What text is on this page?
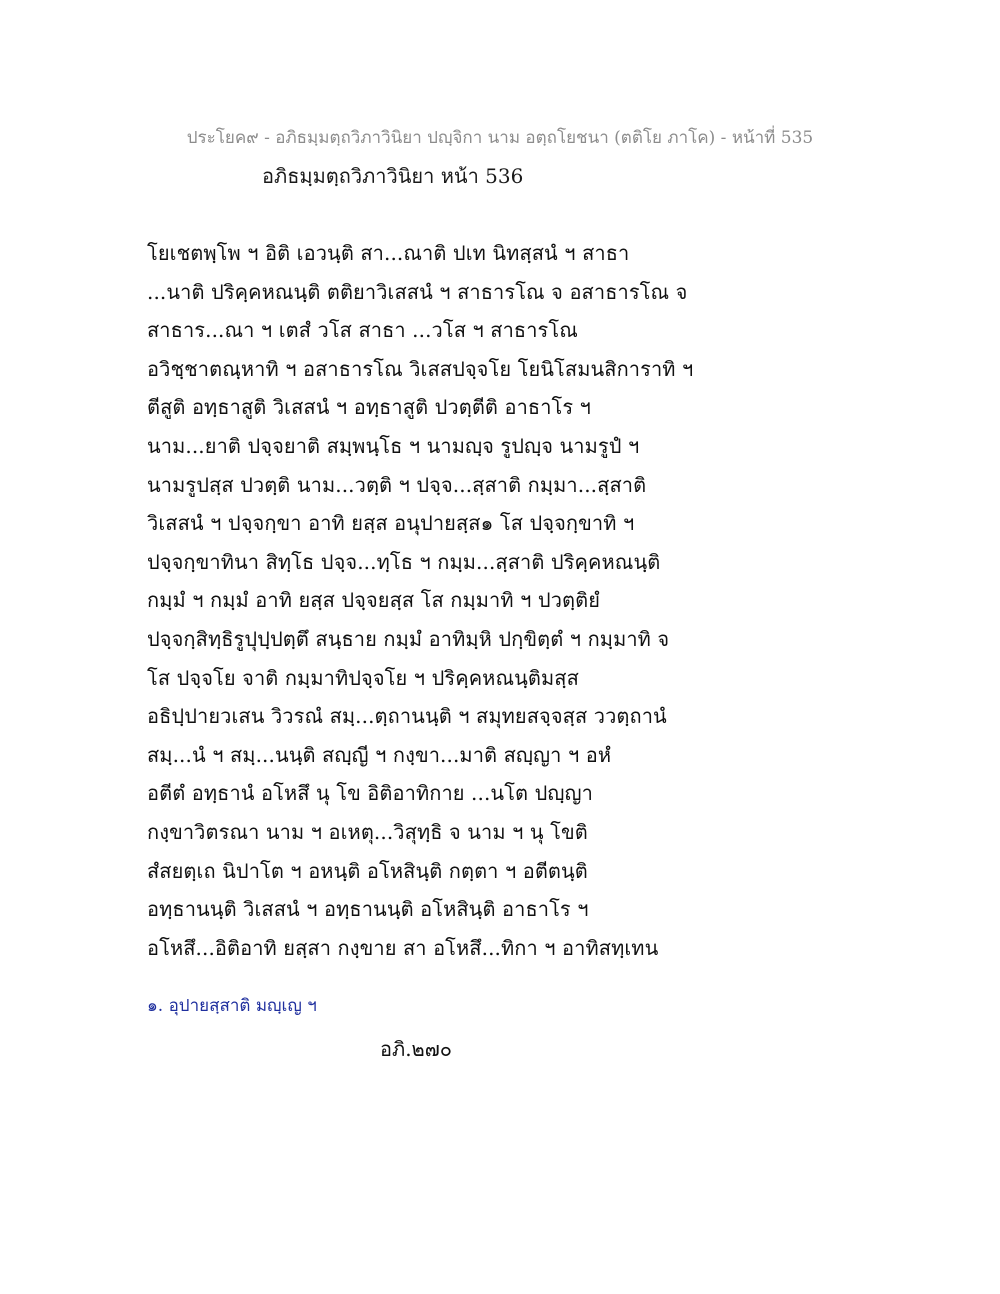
ประโยค๙ - อภิธมฺมตฺถวิภาวินิยา ปญฺจิกา นาม อตฺถโยชนา (ตติโย ภาโค) - หน้าที่ 535
อภิธมฺมตฺถวิภาวินิยา หน้า 536
โยเชตพฺโพ ฯ อิติ เอวนฺติ สา...ณาติ ปเท นิทสฺสนํ ฯ สาธา
...นาติ ปริคฺคหณนฺติ ตติยาวิเสสนํ ฯ สาธารโณ จ อสาธารโณ จ
สาธาร...ณา ฯ เตสํ วโส สาธา ...วโส ฯ สาธารโณ
อวิชฺชาตณฺหาทิ ฯ อสาธารโณ วิเสสปจฺจโย โยนิโสมนสิการาทิ ฯ
ตีสูติ อทฺธาสูติ วิเสสนํ ฯ อทฺธาสูติ ปวตฺตีติ อาธาโร ฯ
นาม...ยาติ ปจฺจยาติ สมฺพนฺโธ ฯ นามญฺจ รูปญฺจ นามรูปํ ฯ
นามรูปสฺส ปวตฺติ นาม...วตฺติ ฯ ปจฺจ...สฺสาติ กมฺมา...สฺสาติ
วิเสสนํ ฯ ปจฺจกฺขา อาทิ ยสฺส อนุปายสฺส๑ โส ปจฺจกฺขาทิ ฯ
ปจฺจกฺขาทินา สิทฺโธ ปจฺจ...ทฺโธ ฯ กมฺม...สฺสาติ ปริคฺคหณนฺติ
กมฺมํ ฯ กมฺมํ อาทิ ยสฺส ปจฺจยสฺส โส กมฺมาทิ ฯ ปวตฺติยํ
ปจฺจกฺสิทฺธิรูปุปฺปตฺตึ สนฺธาย กมฺมํ อาทิมฺหิ ปกฺขิตฺตํ ฯ กมฺมาทิ จ
โส ปจฺจโย จาติ กมฺมาทิปจฺจโย ฯ ปริคฺคหณนฺติมสฺส
อธิปฺปายวเสน วิวรณํ สมฺ...ตฺถานนฺติ ฯ สมุทยสจฺจสฺส ววตฺถานํ
สมฺ...นํ ฯ สมฺ...นนฺติ สญฺญี ฯ กงฺขา...มาติ สญฺญา ฯ อหํ
อตีตํ อทฺธานํ อโหสึ นุ โข อิติอาทิกาย ...นโต ปญฺญา
กงฺขาวิตรณา นาม ฯ อเหตุ...วิสุทฺธิ จ นาม ฯ นุ โขติ
สํสยตฺเถ นิปาโต ฯ อหนฺติ อโหสินฺติ กตฺตา ฯ อตีตนฺติ
อทฺธานนฺติ วิเสสนํ ฯ อทฺธานนฺติ อโหสินฺติ อาธาโร ฯ
อโหสึ...อิติอาทิ ยสฺสา กงฺขาย สา อโหสึ...ทิกา ฯ อาทิสทฺเทน
๑. อุปายสฺสาติ มญฺเญ ฯ
อภิ.๒๗๐
